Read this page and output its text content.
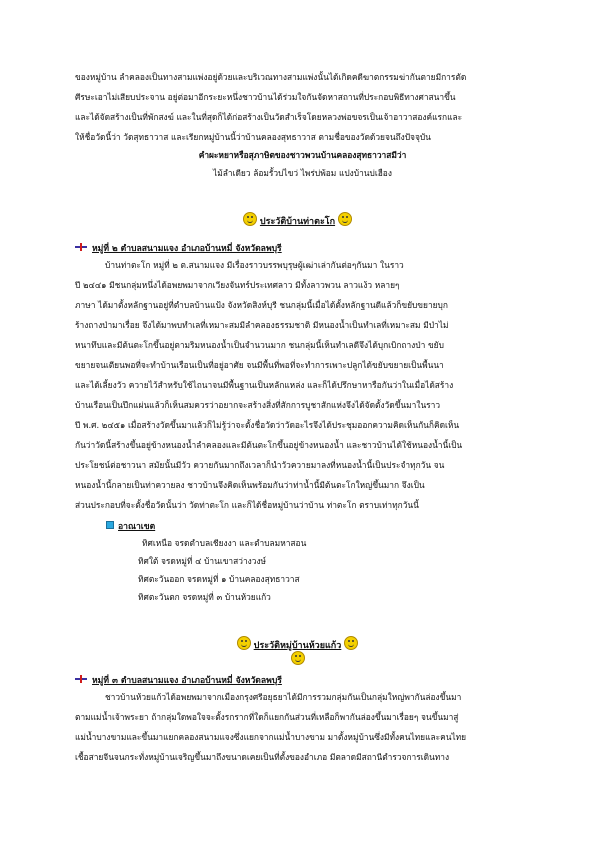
ของหมู่บ้าน ลำคลองเป็นทางสามแพ่งอยู่ด้วยและบริเวณทางสามแพ่งนั้นได้เกิดคดีฆาตกรรมฆ่ากันตายมีการตัด
ศีรษะเอาไม่เสียบประจาน อยู่ต่อมาอีกระยะหนึ่งชาวบ้านได้ร่วมใจกันจัดหาสถานที่ประกอบพิธีทางศาสนาขึ้น
และได้จัดสร้างเป็นที่พักสงฆ์ และในที่สุดก็ได้ก่อสร้างเป็นวัดสำเร็จโดยหลวงพ่อขจรเป็นเจ้าอาวาสองค์แรกและ
ให้ชื่อวัดนี้ว่า วัดสุทธาวาส และเรียกหมู่บ้านนี้ว่าบ้านคลองสุทธาวาส ตามชื่อของวัดด้วยจนถึงปัจจุบัน
คำผะหยาหรือสุภาษิตของชาวพวนบ้านคลองสุทธาวาสมีว่า
ไม้ลำเดียว ล้อมรั้วบ่ไขว่ ไพร่บ่พ้อม แปงบ้านบ่เฮือง
ประวัติบ้านท่าตะโก
หมู่ที่ ๒ ตำบลสนามแจง อำเภอบ้านหมี่ จังหวัดลพบุรี
บ้านท่าตะโก หมู่ที่ ๒ ต.สนามแจง มีเรื่องราวบรรพบุรุษผู้เฒ่าเล่ากันต่อๆกันมา ในราว
ปี ๒๔๔๑ มีชนกลุ่มหนึ่งได้อพยพมาจากเวียงจันทร์ประเทศลาว มีทั้งลาวพวน ลาวแง้ว หลายๆ
ภาษา ได้มาตั้งหลักฐานอยู่ที่ตำบลบ้านแป้ง จังหวัดสิงห์บุรี ชนกลุ่มนี้เมื่อได้ตั้งหลักฐานดีแล้วก็ขยับขยายบุก
ร้างถางป่ามาเรื่อย จึงได้มาพบทำเลที่เหมาะสมมีลำคลองธรรมชาติ มีหนองน้ำเป็นทำเลที่เหมาะสม มีป่าไม่
หนาทึบและมีต้นตะโกขึ้นอยู่ตามริมหนองน้ำเป็นจำนวนมาก ชนกลุ่มนี้เห็นทำเลดีจึงได้บุกเบิกถางป่า ขยับ
ขยายจนเตียนพอที่จะทำบ้านเรือนเป็นที่อยู่อาศัย จนมีพื้นที่พอที่จะทำการเพาะปลูกได้ขยับขยายเป็นพื้นนา
และได้เลี้ยงวัว ควายไว้สำหรับใช้ไถนาจนมีพื้นฐานเป็นหลักแหล่ง และก็ได้ปรึกษาหารือกันว่าในเมื่อได้สร้าง
บ้านเรือนเป็นปึกแผ่นแล้วก็เห็นสมควรว่าอยากจะสร้างสิ่งที่สักการบูชาสักแห่งจึงได้จัดตั้งวัดขึ้นมาในราว
ปี พ.ศ. ๒๔๕๑ เมื่อสร้างวัดขึ้นมาแล้วก็ไม่รู้ว่าจะตั้งชื่อวัดว่าวัดอะไรจึงได้ประชุมออกความคิดเห็นกันก็คิดเห็น
กันว่าวัดนี้สร้างขึ้นอยู่ข้างหนองน้ำลำคลองและมีต้นตะโกขึ้นอยู่ข้างหนองน้ำ และชาวบ้านได้ใช้หนองน้ำนี้เป็น
ประโยชน์ต่อชาวนา สมัยนั้นมีวัว ควายกันมากถึงเวลาก็นำวัวควายมาลงที่หนองน้ำนี้เป็นประจำทุกวัน จน
หนองน้ำนี้กลายเป็นท่าควายลง ชาวบ้านจึงคิดเห็นพร้อมกันว่าท่าน้ำนี้มีต้นตะโกใหญ่ขึ้นมาก จึงเป็น
ส่วนประกอบที่จะตั้งชื่อวัดนั้นว่า วัดท่าตะโก และก็ได้ชื่อหมู่บ้านว่าบ้าน ท่าตะโก ตราบเท่าทุกวันนี้
อาณาเขต
ทิศเหนือ จรดตำบลเชียงงา และตำบลมหาสอน
ทิศใต้ จรดหมู่ที่ ๔ บ้านเขาสว่างวงษ์
ทิศตะวันออก จรดหมู่ที่ ๑ บ้านคลองสุทธาวาส
ทิศตะวันตก จรดหมู่ที่ ๓ บ้านห้วยแก้ว
ประวัติหมู่บ้านห้วยแก้ว
หมู่ที่ ๓ ตำบลสนามแจง อำเภอบ้านหมี่ จังหวัดลพบุรี
ชาวบ้านห้วยแก้วได้อพยพมาจากเมืองกรุงศรีอยุธยาได้มีการรวมกลุ่มกันเป็นกลุ่มใหญ่พากันล่องขึ้นมา
ตามแม่น้ำเจ้าพระยา ถ้ากลุ่มใดพอใจจะตั้งรกรากที่ใดก็แยกกันส่วนที่เหลือก็พากันล่องขึ้นมาเรื่อยๆ จนขึ้นมาสู่
แม่น้ำบางขามและขึ้นมาแยกคลองสนามแจงซึ่งแยกจากแม่น้ำบางขาม มาตั้งหมู่บ้านซึ่งมีทั้งคนไทยและคนไทย
เชื้อสายจีนจนกระทั่งหมู่บ้านเจริญขึ้นมาถึงขนาดเคยเป็นที่ตั้งของอำเภอ มีตลาดมีสถานีตำรวจการเดินทาง
